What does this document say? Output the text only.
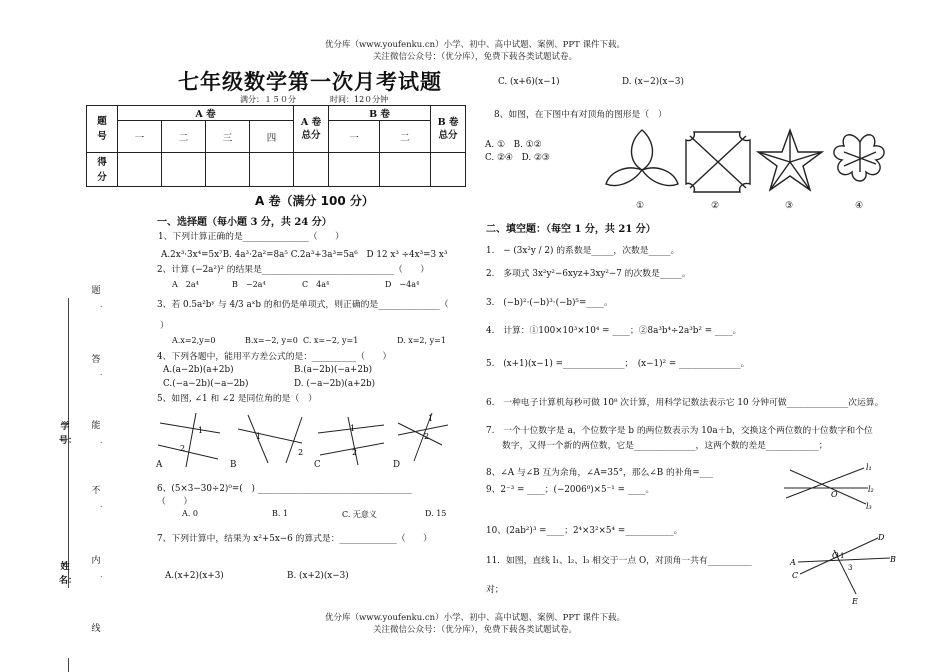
优分库（www.youfenku.cn）小学、初中、高中试题、案例、PPT 课件下载。
关注微信公众号：（优分库），免费下载各类试题试卷。
优分库（www.youfenku.cn）小学、初中、高中试题、案例、PPT 课件下载。
关注微信公众号：（优分库），免费下载各类试题试卷。
七年级数学第一次月考试题
满分：１５０分	时间：12０分钟
题号	A 卷				A 卷总分	B 卷		B 卷总分

	一	二	三	四		一	二	

得分								

学　号：
姓　名：
题
答
能
不
内
线
.
.
.
.
.
A 卷（满分 100 分）
一、选择题（每小题 3 分，共 24 分）
1、下列计算正确的是_______________（　　）
A.2x³·3x⁴=5x⁷B. 4a³·2a²=8a⁵ C.2a³+3a³=5a⁶　D 12 x³ ÷4x³=3 x³
2、计算 (−2a²)² 的结果是______________________________（　　）
A　2a⁴	B　−2a⁴	C　4a⁴	D　−4a⁴
3、若 0.5a²bʸ 与 4/3 aˣb 的和仍是单项式，则正确的是______________（
）
A.x=2,y=0	B.x=−2, y=0 C. x=−2, y=1	D. x=2, y=1
4、下列各题中，能用平方差公式的是：__________（　　）
A.(a−2b)(a+2b)	B.(a−2b)(−a+2b)
C.(−a−2b)(−a−2b)	D. (−a−2b)(a+2b)
5、如图, ∠1 和 ∠2 是同位角的是（　）
1
2
1
2
1
2
1
2
A	B	C	D
6、(5×3−30÷2)⁰=(　) ___________________________________
（　　）
A. 0	B. 1	C. 无意义	D. 15
7、下列计算中，结果为 x²+5x−6 的算式是：_____________（　　）
A.(x+2)(x+3)	B. (x+2)(x−3)
C. (x+6)(x−1)	D. (x−2)(x−3)
8、如图，在下图中有对顶角的图形是（　）
A. ①　B. ①②
C. ②④　D. ②③
①	②	③	④
二、填空题：（每空 1 分，共 21 分）
1.　− (3x²y / 2) 的系数是_____，次数是_____。
2.　多项式 3x²y²−6xyz+3xy²−7 的次数是_____。
3.　(−b)²·(−b)³·(−b)⁵=____。
4.　计算：①100×10³×10⁴ = ____；②8a³b⁴÷2a³b² = ____。
5.　(x+1)(x−1) =______________；　(x−1)² = ______________。
6.　一种电子计算机每秒可做 10⁸ 次计算，用科学记数法表示它 10 分钟可做______________次运算。
7.　一个十位数字是 a，个位数字是 b 的两位数表示为 10a＋b，交换这个两位数的十位数字和个位
数字，又得一个新的两位数，它是______________，这两个数的差是____________；
8、∠A 与∠B 互为余角，∠A=35°，那么∠B 的补角=___
9、2⁻³ = ____；(−2006⁰)×5⁻¹ = ____。
10、(2ab²)³ =____；2⁴×3²×5⁴ =___________。
11．如图，直线 l₁、l₂、l₃ 相交于一点 O，对顶角一共有__________
对；
l₁
l₂
O
l₃
A
C
O
D
B
E
1
3
